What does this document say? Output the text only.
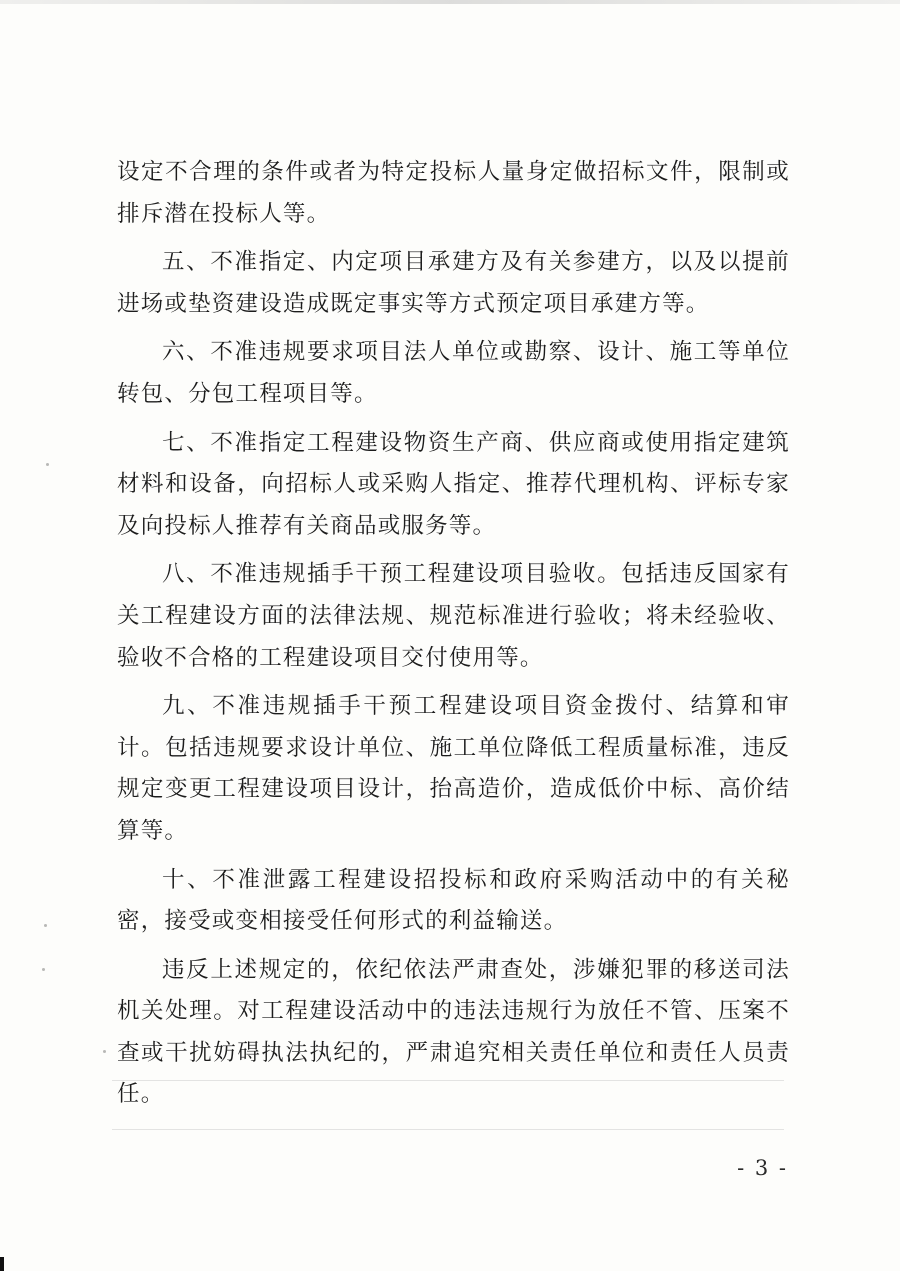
设定不合理的条件或者为特定投标人量身定做招标文件，限制或排斥潜在投标人等。

五、不准指定、内定项目承建方及有关参建方，以及以提前进场或垫资建设造成既定事实等方式预定项目承建方等。

六、不准违规要求项目法人单位或勘察、设计、施工等单位转包、分包工程项目等。

七、不准指定工程建设物资生产商、供应商或使用指定建筑材料和设备，向招标人或采购人指定、推荐代理机构、评标专家及向投标人推荐有关商品或服务等。

八、不准违规插手干预工程建设项目验收。包括违反国家有关工程建设方面的法律法规、规范标准进行验收；将未经验收、验收不合格的工程建设项目交付使用等。

九、不准违规插手干预工程建设项目资金拨付、结算和审计。包括违规要求设计单位、施工单位降低工程质量标准，违反规定变更工程建设项目设计，抬高造价，造成低价中标、高价结算等。

十、不准泄露工程建设招投标和政府采购活动中的有关秘密，接受或变相接受任何形式的利益输送。

违反上述规定的，依纪依法严肃查处，涉嫌犯罪的移送司法机关处理。对工程建设活动中的违法违规行为放任不管、压案不查或干扰妨碍执法执纪的，严肃追究相关责任单位和责任人员责任。

- 3 -
